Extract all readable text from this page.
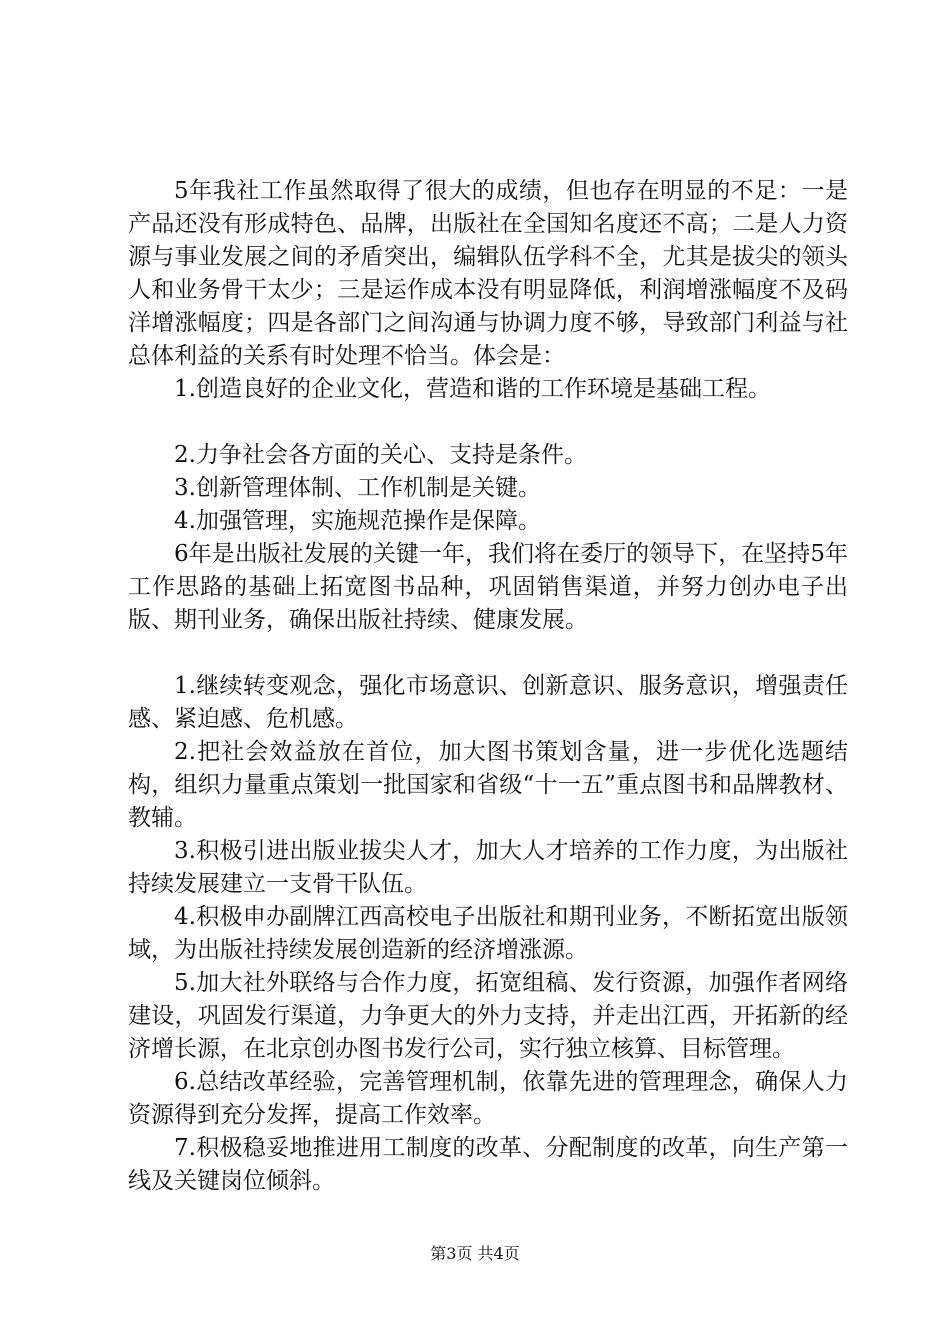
5年我社工作虽然取得了很大的成绩，但也存在明显的不足：一是产品还没有形成特色、品牌，出版社在全国知名度还不高；二是人力资源与事业发展之间的矛盾突出，编辑队伍学科不全，尤其是拔尖的领头人和业务骨干太少；三是运作成本没有明显降低，利润增涨幅度不及码洋增涨幅度；四是各部门之间沟通与协调力度不够，导致部门利益与社总体利益的关系有时处理不恰当。体会是：

1.创造良好的企业文化，营造和谐的工作环境是基础工程。

2.力争社会各方面的关心、支持是条件。

3.创新管理体制、工作机制是关键。

4.加强管理，实施规范操作是保障。

6年是出版社发展的关键一年，我们将在委厅的领导下，在坚持5年工作思路的基础上拓宽图书品种，巩固销售渠道，并努力创办电子出版、期刊业务，确保出版社持续、健康发展。

1.继续转变观念，强化市场意识、创新意识、服务意识，增强责任感、紧迫感、危机感。

2.把社会效益放在首位，加大图书策划含量，进一步优化选题结构，组织力量重点策划一批国家和省级“十一五”重点图书和品牌教材、教辅。

3.积极引进出版业拔尖人才，加大人才培养的工作力度，为出版社持续发展建立一支骨干队伍。

4.积极申办副牌江西高校电子出版社和期刊业务，不断拓宽出版领域，为出版社持续发展创造新的经济增涨源。

5.加大社外联络与合作力度，拓宽组稿、发行资源，加强作者网络建设，巩固发行渠道，力争更大的外力支持，并走出江西，开拓新的经济增长源，在北京创办图书发行公司，实行独立核算、目标管理。

6.总结改革经验，完善管理机制，依靠先进的管理理念，确保人力资源得到充分发挥，提高工作效率。

7.积极稳妥地推进用工制度的改革、分配制度的改革，向生产第一线及关键岗位倾斜。

第3页 共4页
